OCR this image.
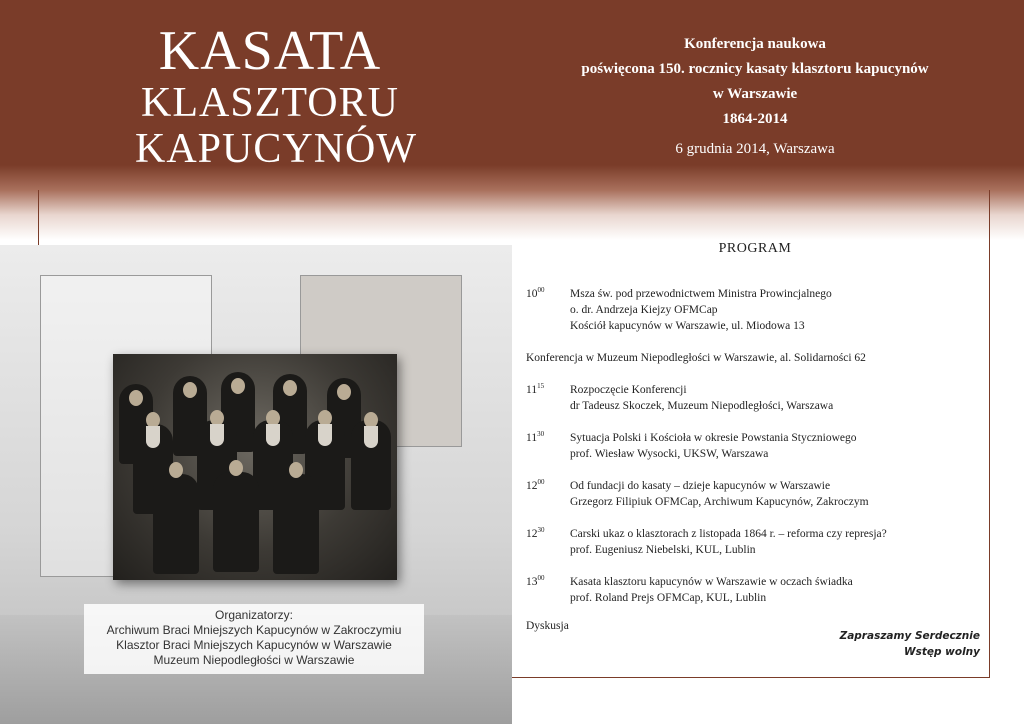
KASATA
KLASZTORU
KAPUCYNÓW
Konferencja naukowa
poświęcona 150. rocznicy kasaty klasztoru kapucynów
w Warszawie
1864-2014
6 grudnia 2014, Warszawa
Organizatorzy:
Archiwum Braci Mniejszych Kapucynów w Zakroczymiu
Klasztor Braci Mniejszych Kapucynów w Warszawie
Muzeum Niepodległości w Warszawie
PROGRAM
$10^{00}$ Msza św. pod przewodnictwem Ministra Prowincjalnego
o. dr. Andrzeja Kiejzy OFMCap
Kościół kapucynów w Warszawie, ul. Miodowa 13
Konferencja w Muzeum Niepodległości w Warszawie, al. Solidarności 62
$11^{15}$ Rozpoczęcie Konferencji
dr Tadeusz Skoczek, Muzeum Niepodległości, Warszawa
$11^{30}$ Sytuacja Polski i Kościoła w okresie Powstania Styczniowego
prof. Wiesław Wysocki, UKSW, Warszawa
$12^{00}$ Od fundacji do kasaty – dzieje kapucynów w Warszawie
Grzegorz Filipiuk OFMCap, Archiwum Kapucynów, Zakroczym
$12^{30}$ Carski ukaz o klasztorach z listopada 1864 r. – reforma czy represja?
prof. Eugeniusz Niebelski, KUL, Lublin
$13^{00}$ Kasata klasztoru kapucynów w Warszawie w oczach świadka
prof. Roland Prejs OFMCap, KUL, Lublin
Dyskusja
Zapraszamy Serdecznie
Wstęp wolny
